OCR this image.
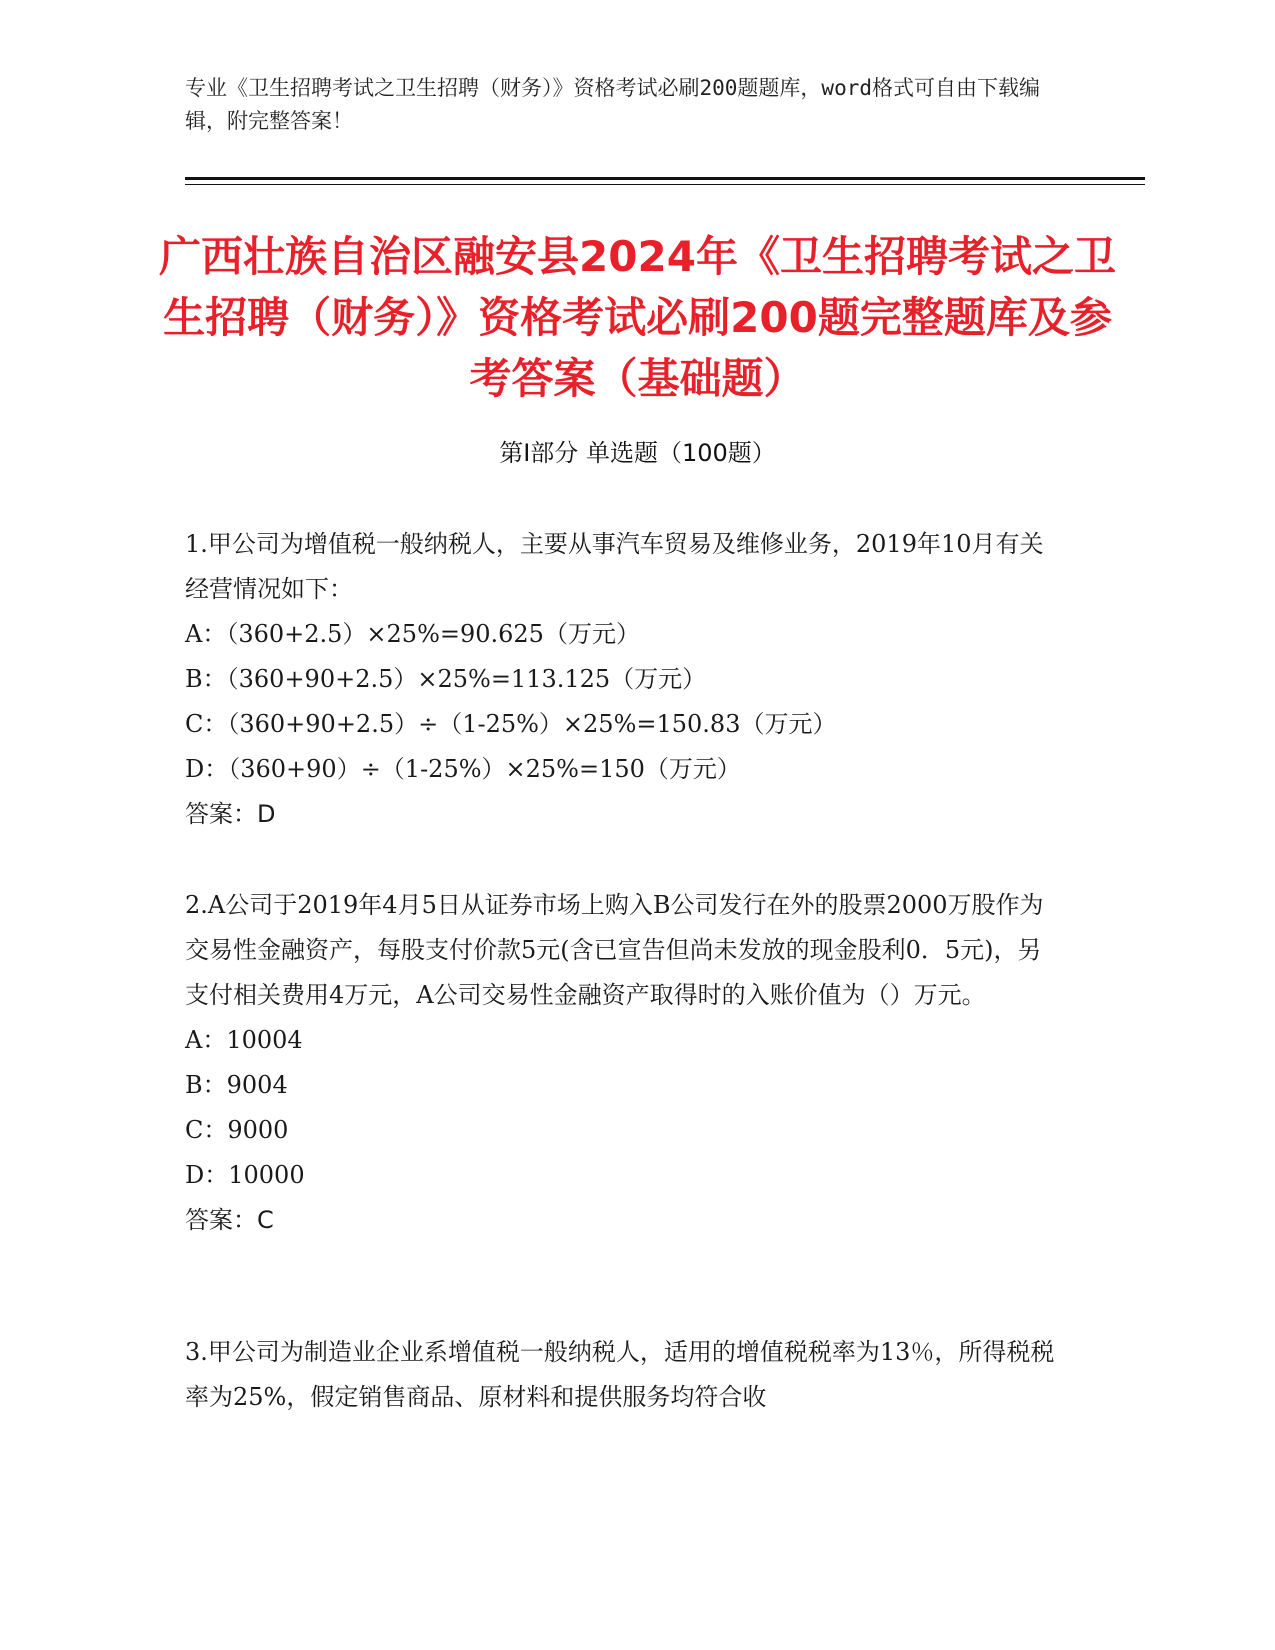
专业《卫生招聘考试之卫生招聘（财务）》资格考试必刷200题题库，word格式可自由下载编辑，附完整答案！
广西壮族自治区融安县2024年《卫生招聘考试之卫生招聘（财务）》资格考试必刷200题完整题库及参考答案（基础题）
第I部分 单选题（100题）

1.甲公司为增值税一般纳税人，主要从事汽车贸易及维修业务，2019年10月有关经营情况如下：

A：（360+2.5）×25%=90.625（万元）

B：（360+90+2.5）×25%=113.125（万元）

C：（360+90+2.5）÷（1-25%）×25%=150.83（万元）

D：（360+90）÷（1-25%）×25%=150（万元）

答案：D

2.A公司于2019年4月5日从证券市场上购入B公司发行在外的股票2000万股作为交易性金融资产，每股支付价款5元(含已宣告但尚未发放的现金股利0．5元)，另支付相关费用4万元，A公司交易性金融资产取得时的入账价值为（）万元。

A：10004

B：9004

C：9000

D：10000

答案：C

3.甲公司为制造业企业系增值税一般纳税人，适用的增值税税率为13％，所得税税率为25%，假定销售商品、原材料和提供服务均符合收
